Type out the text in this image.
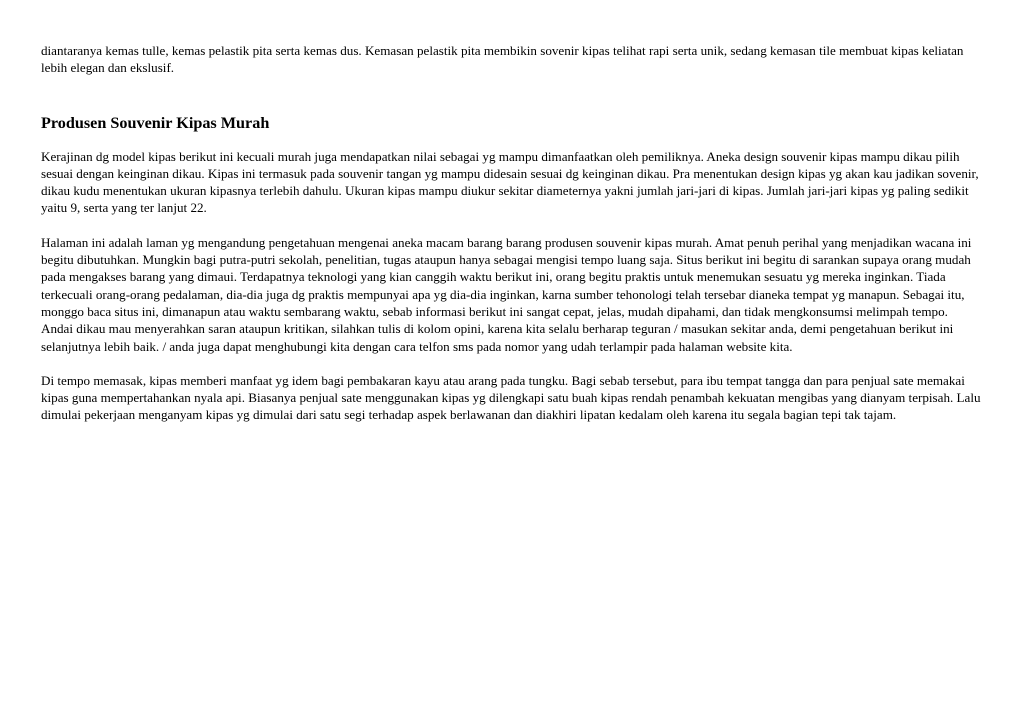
diantaranya kemas tulle, kemas pelastik pita serta kemas dus. Kemasan pelastik pita membikin sovenir kipas telihat rapi serta unik, sedang kemasan tile membuat kipas keliatan lebih elegan dan ekslusif.

Produsen Souvenir Kipas Murah

Kerajinan dg model kipas berikut ini kecuali murah juga mendapatkan nilai sebagai yg mampu dimanfaatkan oleh pemiliknya. Aneka design souvenir kipas mampu dikau pilih sesuai dengan keinginan dikau. Kipas ini termasuk pada souvenir tangan yg mampu didesain sesuai dg keinginan dikau. Pra menentukan design kipas yg akan kau jadikan sovenir, dikau kudu menentukan ukuran kipasnya terlebih dahulu. Ukuran kipas mampu diukur sekitar diameternya yakni jumlah jari-jari di kipas. Jumlah jari-jari kipas yg paling sedikit yaitu 9, serta yang ter lanjut 22.

Halaman ini adalah laman yg mengandung pengetahuan mengenai aneka macam barang barang produsen souvenir kipas murah. Amat penuh perihal yang menjadikan wacana ini begitu dibutuhkan. Mungkin bagi putra-putri sekolah, penelitian, tugas ataupun hanya sebagai mengisi tempo luang saja. Situs berikut ini begitu di sarankan supaya orang mudah pada mengakses barang yang dimaui. Terdapatnya teknologi yang kian canggih waktu berikut ini, orang begitu praktis untuk menemukan sesuatu yg mereka inginkan. Tiada terkecuali orang-orang pedalaman, dia-dia juga dg praktis mempunyai apa yg dia-dia inginkan, karna sumber tehonologi telah tersebar dianeka tempat yg manapun. Sebagai itu, monggo baca situs ini, dimanapun atau waktu sembarang waktu, sebab informasi berikut ini sangat cepat, jelas, mudah dipahami, dan tidak mengkonsumsi melimpah tempo. Andai dikau mau menyerahkan saran ataupun kritikan, silahkan tulis di kolom opini, karena kita selalu berharap teguran / masukan sekitar anda, demi pengetahuan berikut ini selanjutnya lebih baik. / anda juga dapat menghubungi kita dengan cara telfon sms pada nomor yang udah terlampir pada halaman website kita.

Di tempo memasak, kipas memberi manfaat yg idem bagi pembakaran kayu atau arang pada tungku. Bagi sebab tersebut, para ibu tempat tangga dan para penjual sate memakai kipas guna mempertahankan nyala api. Biasanya penjual sate menggunakan kipas yg dilengkapi satu buah kipas rendah penambah kekuatan mengibas yang dianyam terpisah. Lalu dimulai pekerjaan menganyam kipas yg dimulai dari satu segi terhadap aspek berlawanan dan diakhiri lipatan kedalam oleh karena itu segala bagian tepi tak tajam.
